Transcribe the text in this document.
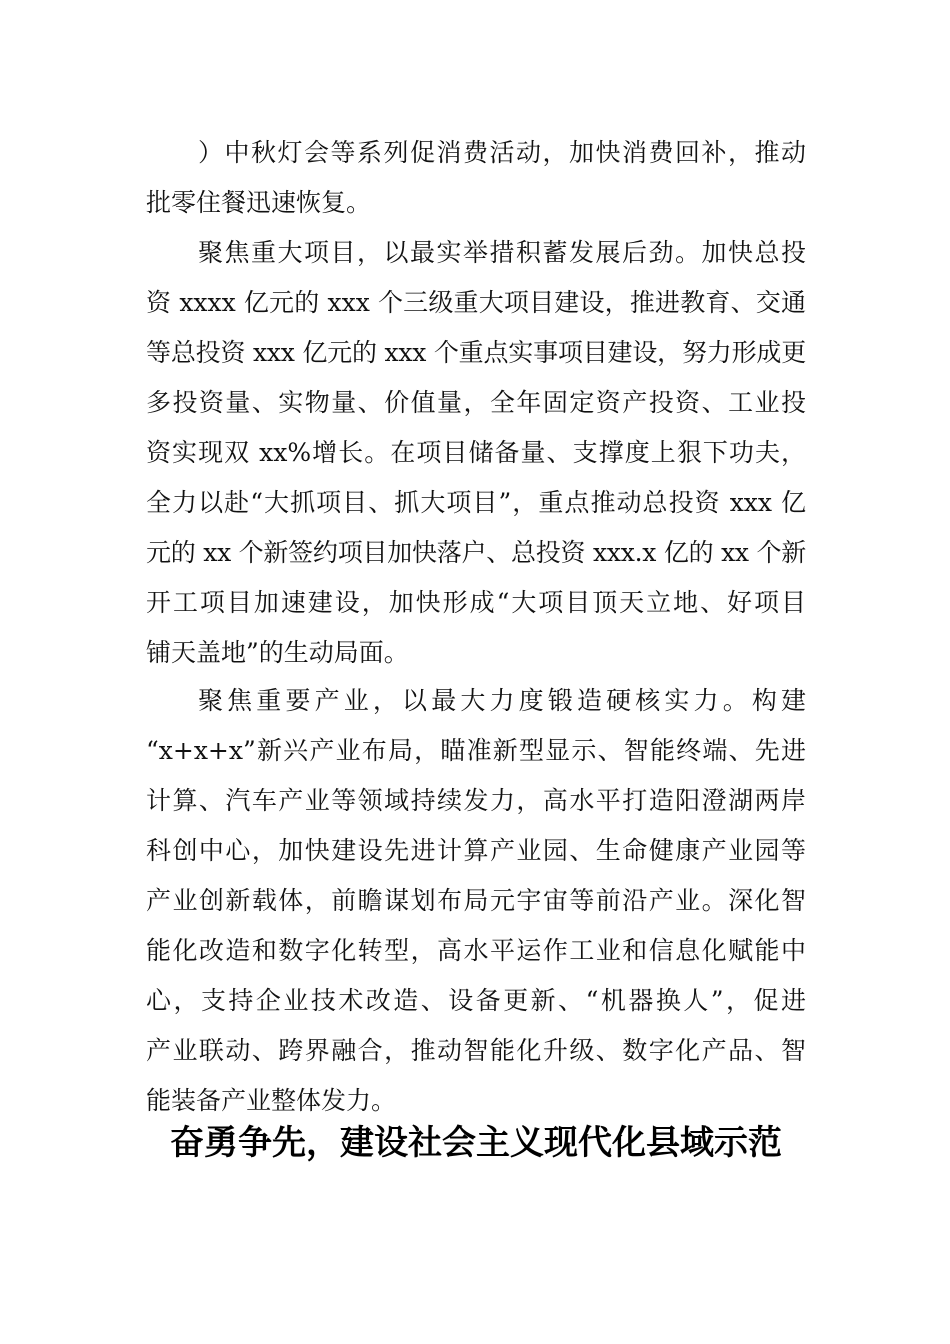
）中秋灯会等系列促消费活动，加快消费回补，推动
批零住餐迅速恢复。
聚焦重大项目，以最实举措积蓄发展后劲。加快总投
资 xxxx 亿元的 xxx 个三级重大项目建设，推进教育、交通
等总投资 xxx 亿元的 xxx 个重点实事项目建设，努力形成更
多投资量、实物量、价值量，全年固定资产投资、工业投
资实现双 xx%增长。在项目储备量、支撑度上狠下功夫，
全力以赴“大抓项目、抓大项目”，重点推动总投资 xxx 亿
元的 xx 个新签约项目加快落户、总投资 xxx.x 亿的 xx 个新
开工项目加速建设，加快形成“大项目顶天立地、好项目
铺天盖地”的生动局面。
聚焦重要产业，以最大力度锻造硬核实力。构建
“x+x+x”新兴产业布局，瞄准新型显示、智能终端、先进
计算、汽车产业等领域持续发力，高水平打造阳澄湖两岸
科创中心，加快建设先进计算产业园、生命健康产业园等
产业创新载体，前瞻谋划布局元宇宙等前沿产业。深化智
能化改造和数字化转型，高水平运作工业和信息化赋能中
心，支持企业技术改造、设备更新、“机器换人”，促进
产业联动、跨界融合，推动智能化升级、数字化产品、智
能装备产业整体发力。
奋勇争先，建设社会主义现代化县域示范
